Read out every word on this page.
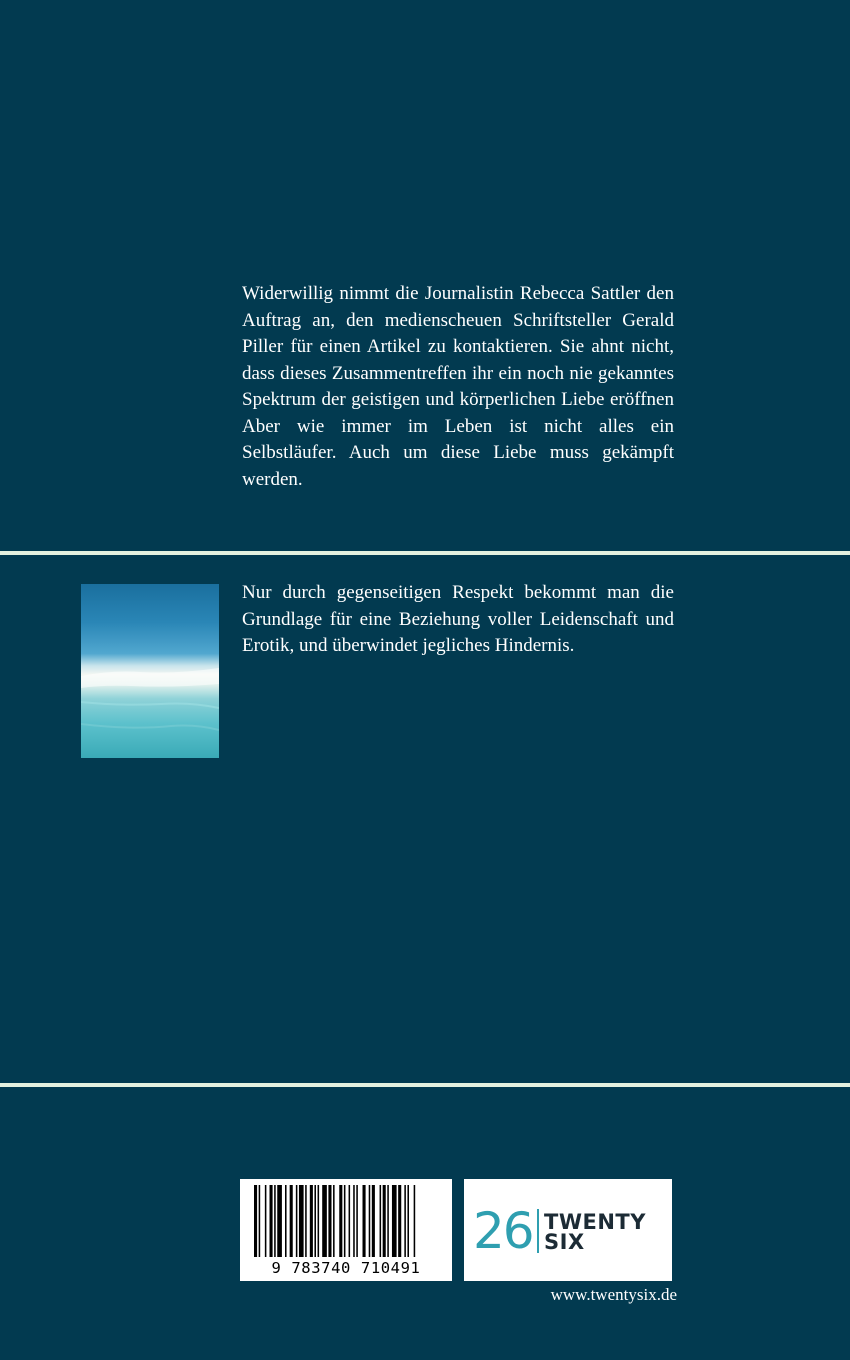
Widerwillig nimmt die Journalistin Rebecca Sattler den Auftrag an, den medienscheuen Schriftsteller Gerald Piller für einen Artikel zu kontaktieren. Sie ahnt nicht, dass dieses Zusammentreffen ihr ein noch nie gekanntes Spektrum der geistigen und körperlichen Liebe eröffnen Aber wie immer im Leben ist nicht alles ein Selbstläufer. Auch um diese Liebe muss gekämpft werden.

Nur durch gegenseitigen Respekt bekommt man die Grundlage für eine Beziehung voller Leidenschaft und Erotik, und überwindet jegliches Hindernis.

9 783740 710491
26 TWENTY
SIX
www.twentysix.de
